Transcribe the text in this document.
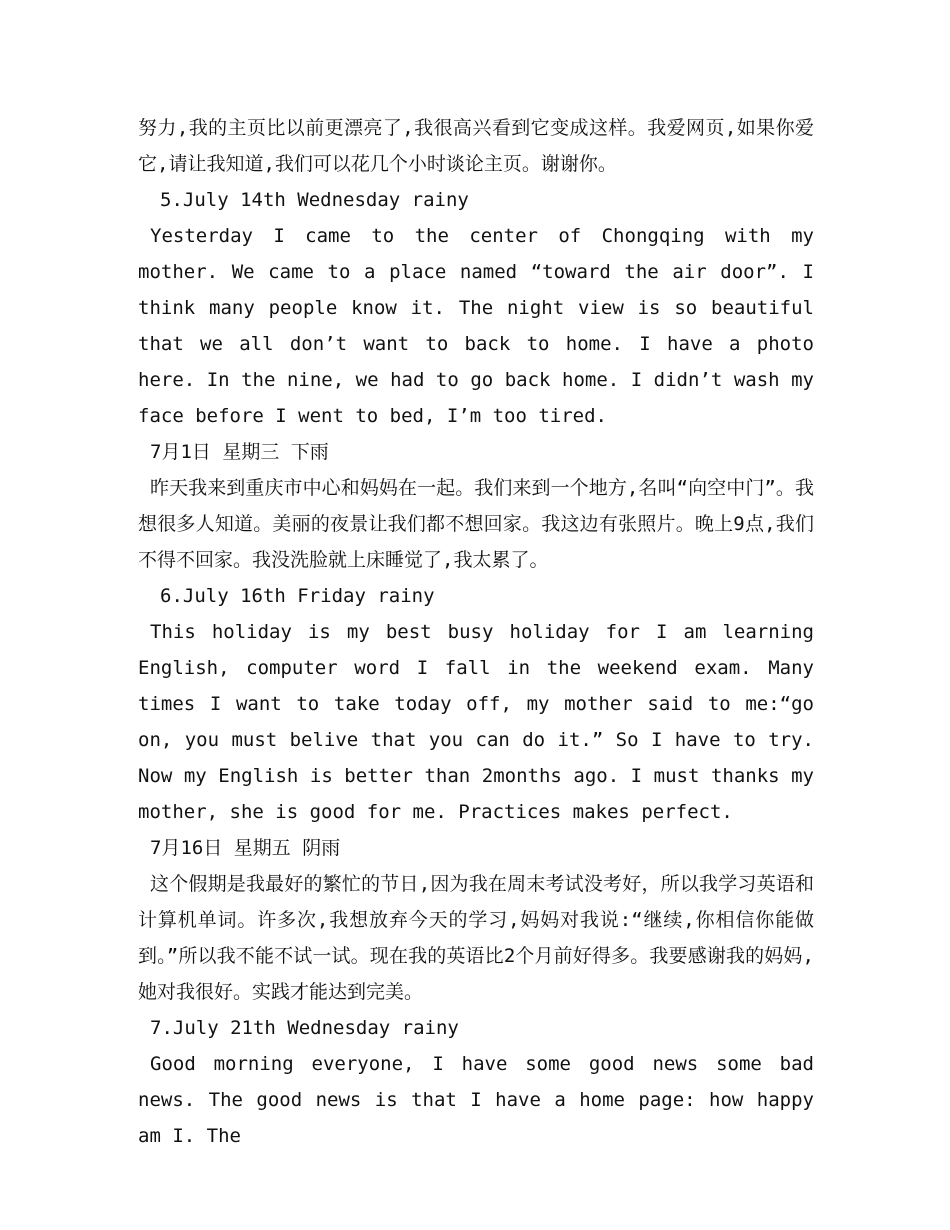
努力,我的主页比以前更漂亮了,我很高兴看到它变成这样。我爱网页,如果你爱它,请让我知道,我们可以花几个小时谈论主页。谢谢你。

5.July 14th Wednesday rainy

Yesterday I came to the center of Chongqing with my mother. We came to a place named “toward the air door”. I think many people know it. The night view is so beautiful that we all don’t want to back to home. I have a photo here. In the nine, we had to go back home. I didn’t wash my face before I went to bed, I’m too tired.

7月1日 星期三 下雨

昨天我来到重庆市中心和妈妈在一起。我们来到一个地方,名叫“向空中门”。我想很多人知道。美丽的夜景让我们都不想回家。我这边有张照片。晚上9点,我们不得不回家。我没洗脸就上床睡觉了,我太累了。

6.July 16th Friday rainy

This holiday is my best busy holiday for I am learning English, computer word I fall in the weekend exam. Many times I want to take today off, my mother said to me:“go on, you must belive that you can do it.” So I have to try. Now my English is better than 2months ago. I must thanks my mother, she is good for me. Practices makes perfect.

7月16日 星期五 阴雨

这个假期是我最好的繁忙的节日,因为我在周末考试没考好，所以我学习英语和计算机单词。许多次,我想放弃今天的学习,妈妈对我说:“继续,你相信你能做到。”所以我不能不试一试。现在我的英语比2个月前好得多。我要感谢我的妈妈,她对我很好。实践才能达到完美。

7.July 21th Wednesday rainy

Good morning everyone, I have some good news some bad news. The good news is that I have a home page: how happy am I. The
